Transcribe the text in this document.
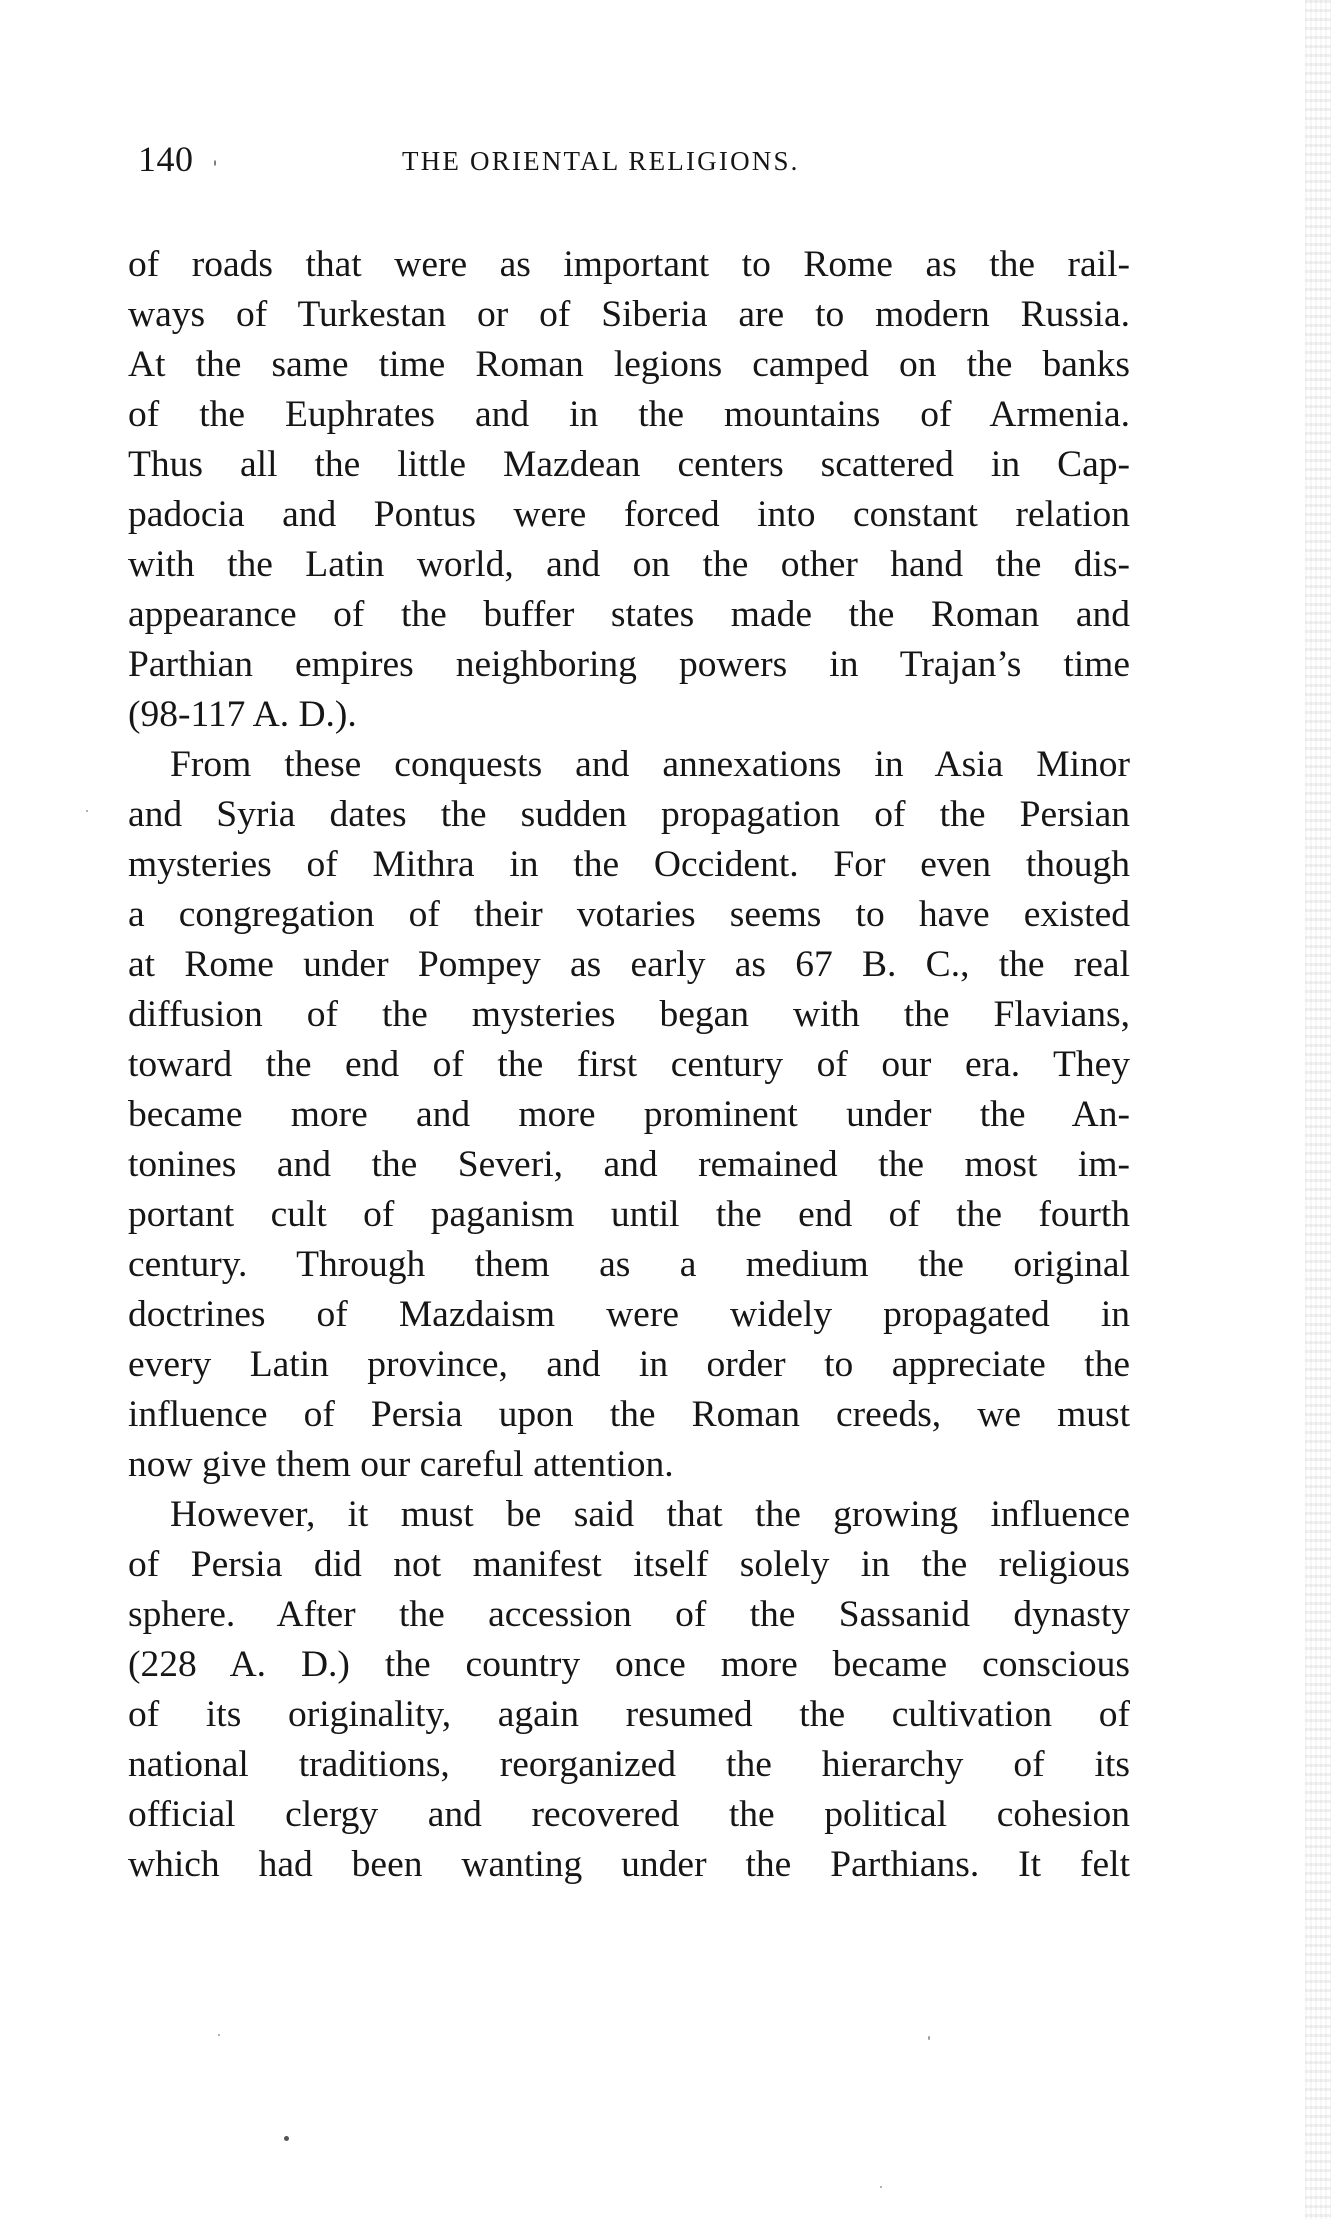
140	THE ORIENTAL RELIGIONS.
of roads that were as important to Rome as the rail-
ways of Turkestan or of Siberia are to modern Russia.
At the same time Roman legions camped on the banks
of the Euphrates and in the mountains of Armenia.
Thus all the little Mazdean centers scattered in Cap-
padocia and Pontus were forced into constant relation
with the Latin world, and on the other hand the dis-
appearance of the buffer states made the Roman and
Parthian empires neighboring powers in Trajan’s time
(98-117 A. D.).
From these conquests and annexations in Asia Minor
and Syria dates the sudden propagation of the Persian
mysteries of Mithra in the Occident. For even though
a congregation of their votaries seems to have existed
at Rome under Pompey as early as 67 B. C., the real
diffusion of the mysteries began with the Flavians,
toward the end of the first century of our era. They
became more and more prominent under the An-
tonines and the Severi, and remained the most im-
portant cult of paganism until the end of the fourth
century. Through them as a medium the original
doctrines of Mazdaism were widely propagated in
every Latin province, and in order to appreciate the
influence of Persia upon the Roman creeds, we must
now give them our careful attention.
However, it must be said that the growing influence
of Persia did not manifest itself solely in the religious
sphere. After the accession of the Sassanid dynasty
(228 A. D.) the country once more became conscious
of its originality, again resumed the cultivation of
national traditions, reorganized the hierarchy of its
official clergy and recovered the political cohesion
which had been wanting under the Parthians. It felt
